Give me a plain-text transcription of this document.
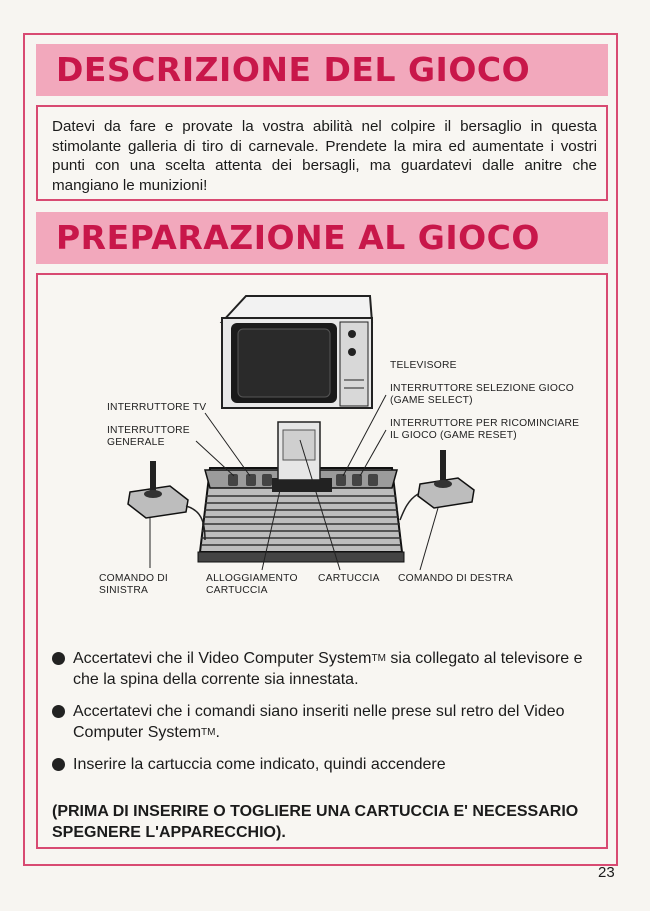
DESCRIZIONE DEL GIOCO
Datevi da fare e provate la vostra abilità nel colpire il bersaglio in questa stimolante galleria di tiro di carnevale. Prendete la mira ed aumentate i vostri punti con una scelta attenta dei bersagli, ma guardatevi dalle anitre che mangiano le munizioni!
PREPARAZIONE AL GIOCO
TELEVISORE
INTERRUTTORE SELEZIONE GIOCO
(GAME SELECT)
INTERRUTTORE PER RICOMINCIARE
IL GIOCO (GAME RESET)
INTERRUTTORE TV
INTERRUTTORE
GENERALE
COMANDO DI
SINISTRA
ALLOGGIAMENTO
CARTUCCIA
CARTUCCIA COMANDO DI DESTRA
Accertatevi che il Video Computer System™ sia collegato al televisore e che la spina della corrente sia innestata.
Accertatevi che i comandi siano inseriti nelle prese sul retro del Video Computer System™.
Inserire la cartuccia come indicato, quindi accendere
(PRIMA DI INSERIRE O TOGLIERE UNA CARTUCCIA E' NECESSARIO SPEGNERE L'APPARECCHIO).
23
